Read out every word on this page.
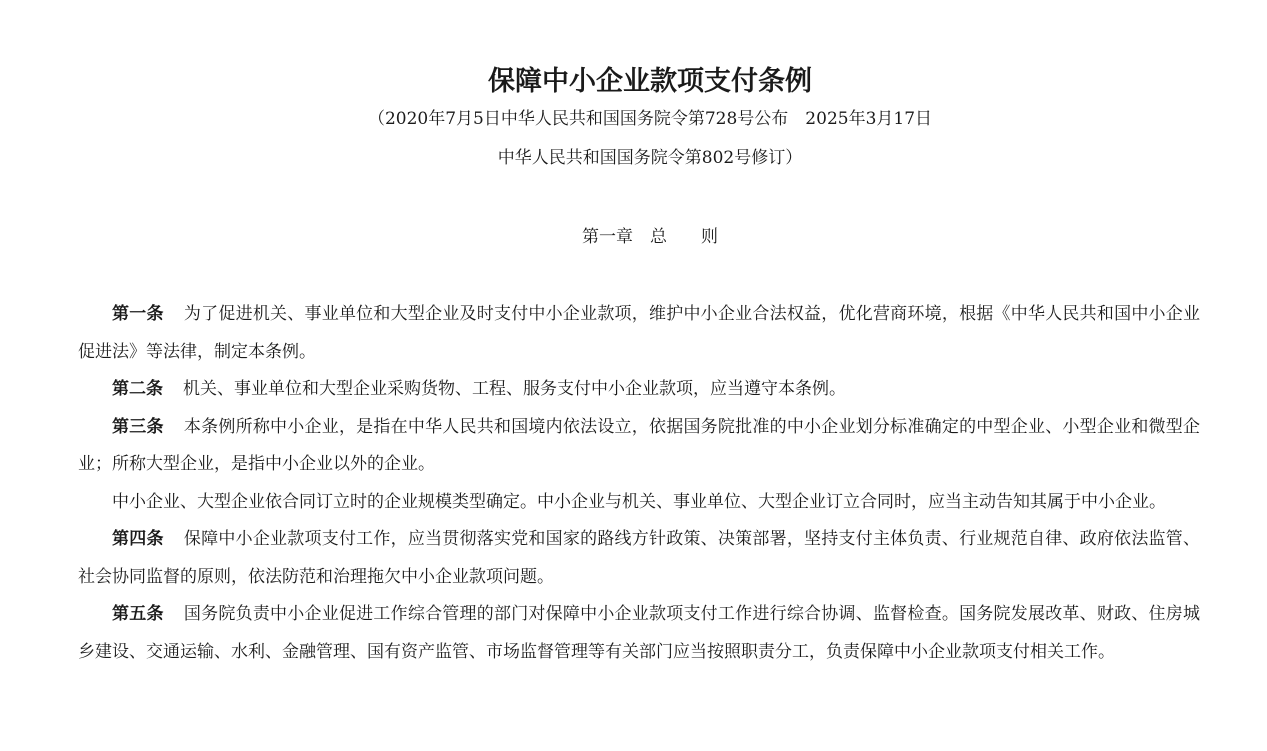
保障中小企业款项支付条例
（2020年7月5日中华人民共和国国务院令第728号公布　2025年3月17日
中华人民共和国国务院令第802号修订）
第一章　总　　则

第一条 为了促进机关、事业单位和大型企业及时支付中小企业款项，维护中小企业合法权益，优化营商环境，根据《中华人民共和国中小企业促进法》等法律，制定本条例。

第二条 机关、事业单位和大型企业采购货物、工程、服务支付中小企业款项，应当遵守本条例。

第三条 本条例所称中小企业，是指在中华人民共和国境内依法设立，依据国务院批准的中小企业划分标准确定的中型企业、小型企业和微型企业；所称大型企业，是指中小企业以外的企业。

中小企业、大型企业依合同订立时的企业规模类型确定。中小企业与机关、事业单位、大型企业订立合同时，应当主动告知其属于中小企业。

第四条 保障中小企业款项支付工作，应当贯彻落实党和国家的路线方针政策、决策部署，坚持支付主体负责、行业规范自律、政府依法监管、社会协同监督的原则，依法防范和治理拖欠中小企业款项问题。

第五条 国务院负责中小企业促进工作综合管理的部门对保障中小企业款项支付工作进行综合协调、监督检查。国务院发展改革、财政、住房城乡建设、交通运输、水利、金融管理、国有资产监管、市场监督管理等有关部门应当按照职责分工，负责保障中小企业款项支付相关工作。
